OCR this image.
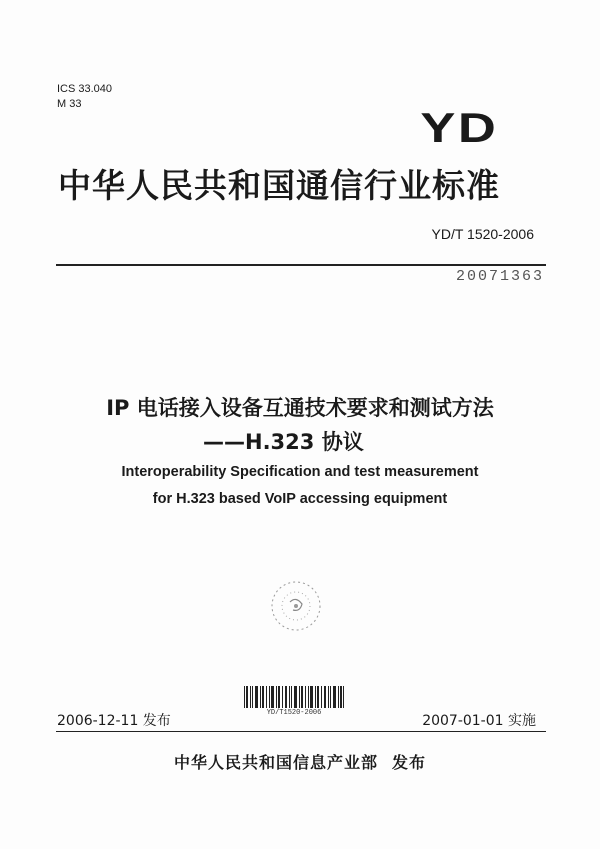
ICS 33.040
M 33	YD
中华人民共和国通信行业标准
YD/T 1520-2006
20071363
IP 电话接入设备互通技术要求和测试方法
——H.323 协议
Interoperability Specification and test measurement
for H.323 based VoIP accessing equipment
YD/T1520-2006
2006-12-11 发布	2007-01-01 实施
中华人民共和国信息产业部 发布
